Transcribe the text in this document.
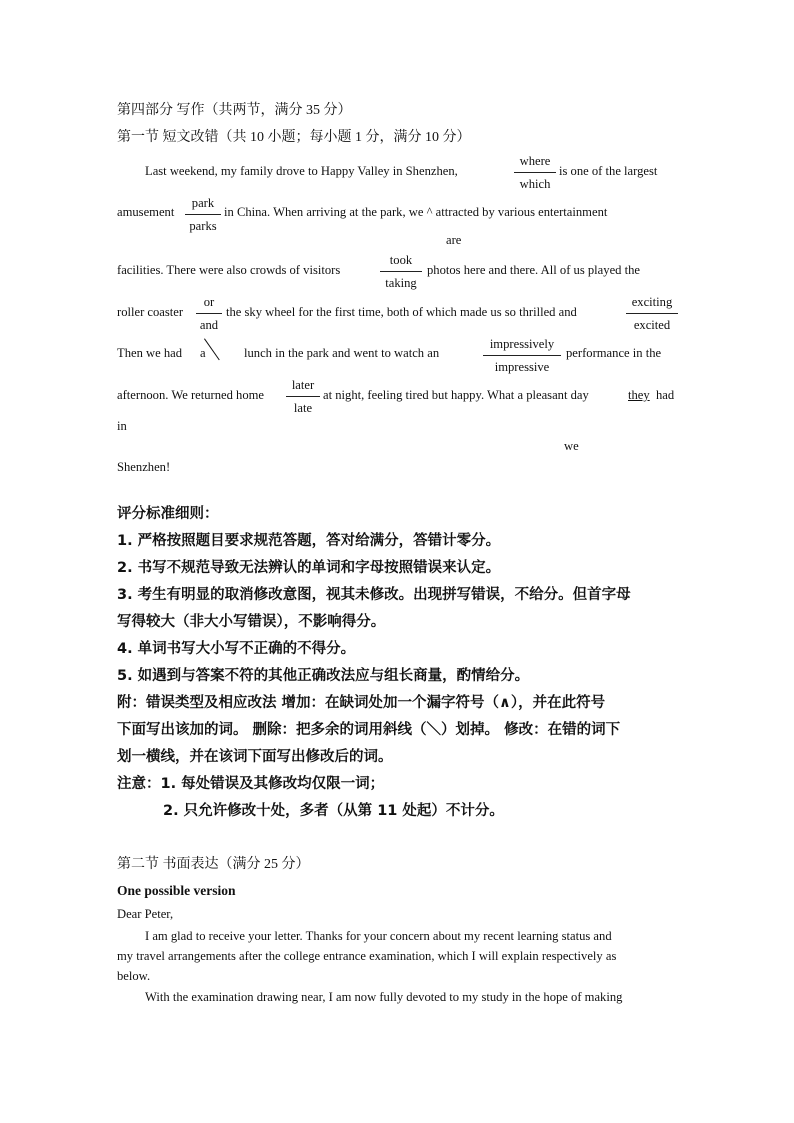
第四部分 写作（共两节，满分 35 分）
第一节 短文改错（共 10 小题；每小题 1 分，满分 10 分）
Last weekend, my family drove to Happy Valley in Shenzhen,
where
which
is one of the largest
amusement
park
parks
in China. When arriving at the park, we ^ attracted by various entertainment
are
facilities. There were also crowds of visitors
took
taking
photos here and there. All of us played the
roller coaster
or
and
the sky wheel for the first time, both of which made us so thrilled and
exciting
excited
Then we had a	lunch in the park and went to watch an
impressively
impressive
performance in the
afternoon. We returned home
later
late
at night, feeling tired but happy. What a pleasant day	they had
in
we
Shenzhen!
评分标准细则：
1. 严格按照题目要求规范答题，答对给满分，答错计零分。
2. 书写不规范导致无法辨认的单词和字母按照错误来认定。
3. 考生有明显的取消修改意图，视其未修改。出现拼写错误，不给分。但首字母
写得较大（非大小写错误），不影响得分。
4. 单词书写大小写不正确的不得分。
5. 如遇到与答案不符的其他正确改法应与组长商量，酌情给分。
附：错误类型及相应改法 增加：在缺词处加一个漏字符号（∧），并在此符号
下面写出该加的词。 删除：把多余的词用斜线（＼）划掉。 修改：在错的词下
划一横线，并在该词下面写出修改后的词。
注意：1. 每处错误及其修改均仅限一词；
2. 只允许修改十处，多者（从第 11 处起）不计分。
第二节 书面表达（满分 25 分）
One possible version
Dear Peter,
I am glad to receive your letter. Thanks for your concern about my recent learning status and
my travel arrangements after the college entrance examination, which I will explain respectively as
below.
With the examination drawing near, I am now fully devoted to my study in the hope of making
